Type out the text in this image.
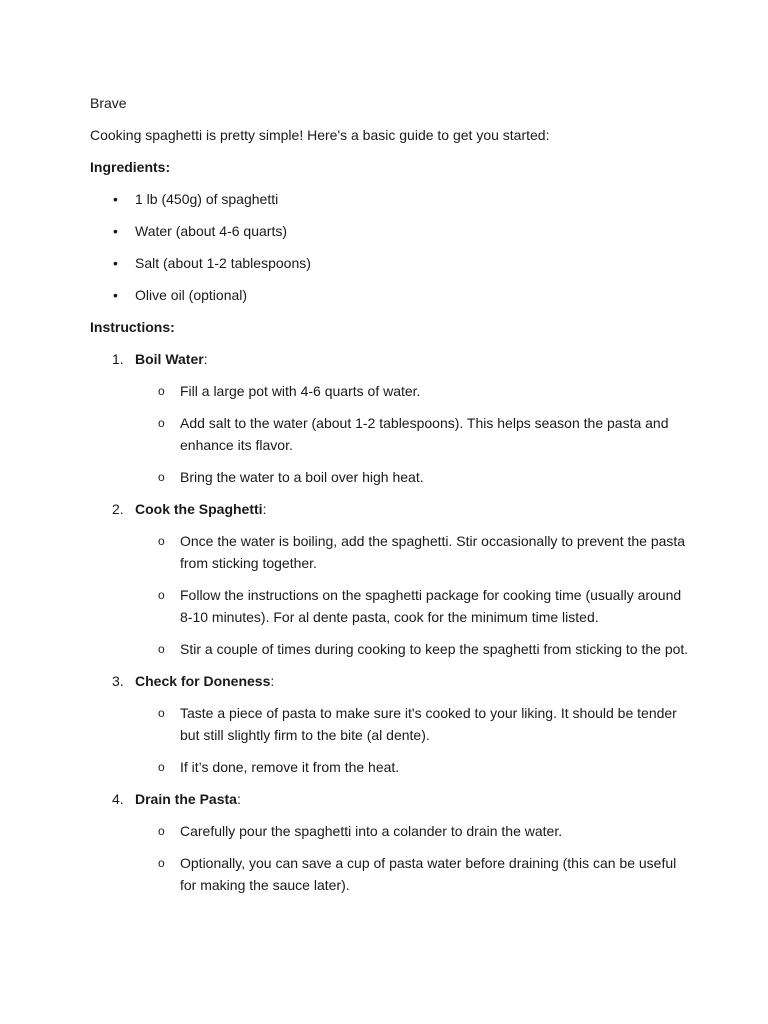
Brave

Cooking spaghetti is pretty simple! Here's a basic guide to get you started:

Ingredients:

• 1 lb (450g) of spaghetti
• Water (about 4-6 quarts)
• Salt (about 1-2 tablespoons)
• Olive oil (optional)

Instructions:

1. Boil Water:
o Fill a large pot with 4-6 quarts of water.
o Add salt to the water (about 1-2 tablespoons). This helps season the pasta and enhance its flavor.
o Bring the water to a boil over high heat.
2. Cook the Spaghetti:
o Once the water is boiling, add the spaghetti. Stir occasionally to prevent the pasta from sticking together.
o Follow the instructions on the spaghetti package for cooking time (usually around 8-10 minutes). For al dente pasta, cook for the minimum time listed.
o Stir a couple of times during cooking to keep the spaghetti from sticking to the pot.
3. Check for Doneness:
o Taste a piece of pasta to make sure it's cooked to your liking. It should be tender but still slightly firm to the bite (al dente).
o If it’s done, remove it from the heat.
4. Drain the Pasta:
o Carefully pour the spaghetti into a colander to drain the water.
o Optionally, you can save a cup of pasta water before draining (this can be useful for making the sauce later).
